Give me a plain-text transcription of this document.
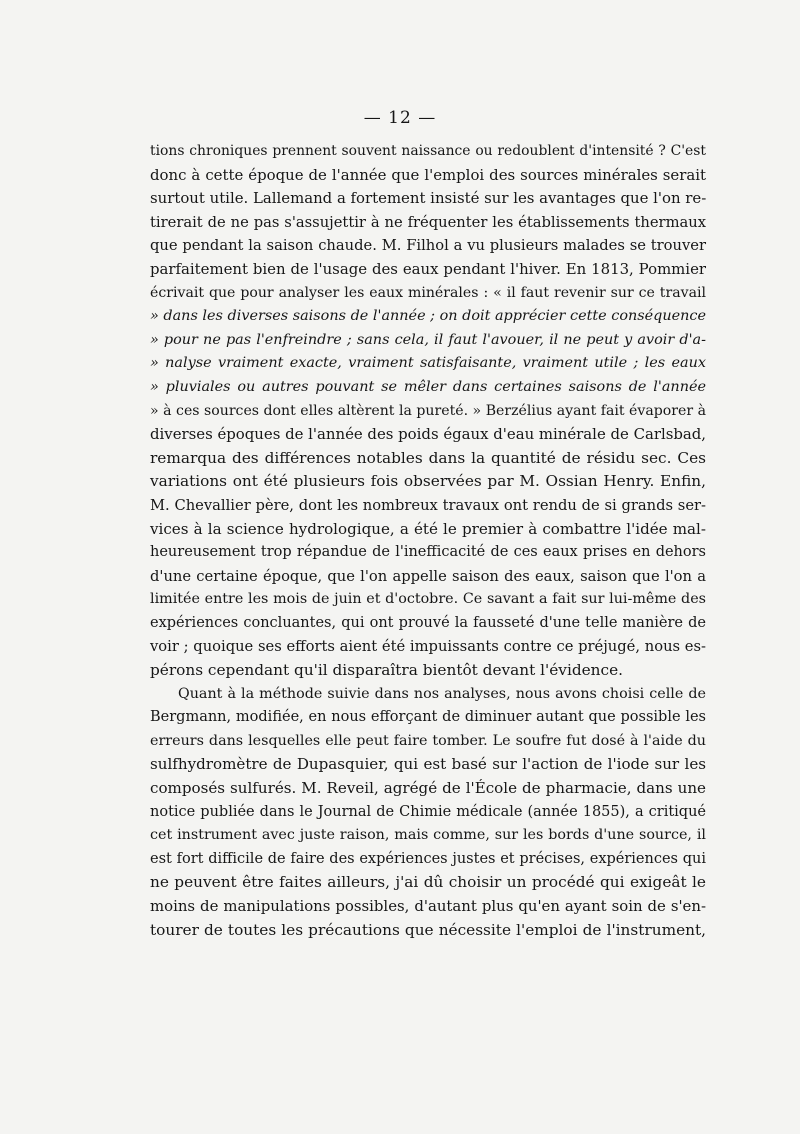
— 12 —
tions chroniques prennent souvent naissance ou redoublent d'intensité ? C'est
donc à cette époque de l'année que l'emploi des sources minérales serait
surtout utile. Lallemand a fortement insisté sur les avantages que l'on re-
tirerait de ne pas s'assujettir à ne fréquenter les établissements thermaux
que pendant la saison chaude. M. Filhol a vu plusieurs malades se trouver
parfaitement bien de l'usage des eaux pendant l'hiver. En 1813, Pommier
écrivait que pour analyser les eaux minérales : « il faut revenir sur ce travail
» dans les diverses saisons de l'année ; on doit apprécier cette conséquence
» pour ne pas l'enfreindre ; sans cela, il faut l'avouer, il ne peut y avoir d'a-
» nalyse vraiment exacte, vraiment satisfaisante, vraiment utile ; les eaux
» pluviales ou autres pouvant se mêler dans certaines saisons de l'année
» à ces sources dont elles altèrent la pureté. » Berzélius ayant fait évaporer à
diverses époques de l'année des poids égaux d'eau minérale de Carlsbad,
remarqua des différences notables dans la quantité de résidu sec. Ces
variations ont été plusieurs fois observées par M. Ossian Henry. Enfin,
M. Chevallier père, dont les nombreux travaux ont rendu de si grands ser-
vices à la science hydrologique, a été le premier à combattre l'idée mal-
heureusement trop répandue de l'inefficacité de ces eaux prises en dehors
d'une certaine époque, que l'on appelle saison des eaux, saison que l'on a
limitée entre les mois de juin et d'octobre. Ce savant a fait sur lui-même des
expériences concluantes, qui ont prouvé la fausseté d'une telle manière de
voir ; quoique ses efforts aient été impuissants contre ce préjugé, nous es-
pérons cependant qu'il disparaîtra bientôt devant l'évidence.
Quant à la méthode suivie dans nos analyses, nous avons choisi celle de
Bergmann, modifiée, en nous efforçant de diminuer autant que possible les
erreurs dans lesquelles elle peut faire tomber. Le soufre fut dosé à l'aide du
sulfhydromètre de Dupasquier, qui est basé sur l'action de l'iode sur les
composés sulfurés. M. Reveil, agrégé de l'École de pharmacie, dans une
notice publiée dans le Journal de Chimie médicale (année 1855), a critiqué
cet instrument avec juste raison, mais comme, sur les bords d'une source, il
est fort difficile de faire des expériences justes et précises, expériences qui
ne peuvent être faites ailleurs, j'ai dû choisir un procédé qui exigeât le
moins de manipulations possibles, d'autant plus qu'en ayant soin de s'en-
tourer de toutes les précautions que nécessite l'emploi de l'instrument,
